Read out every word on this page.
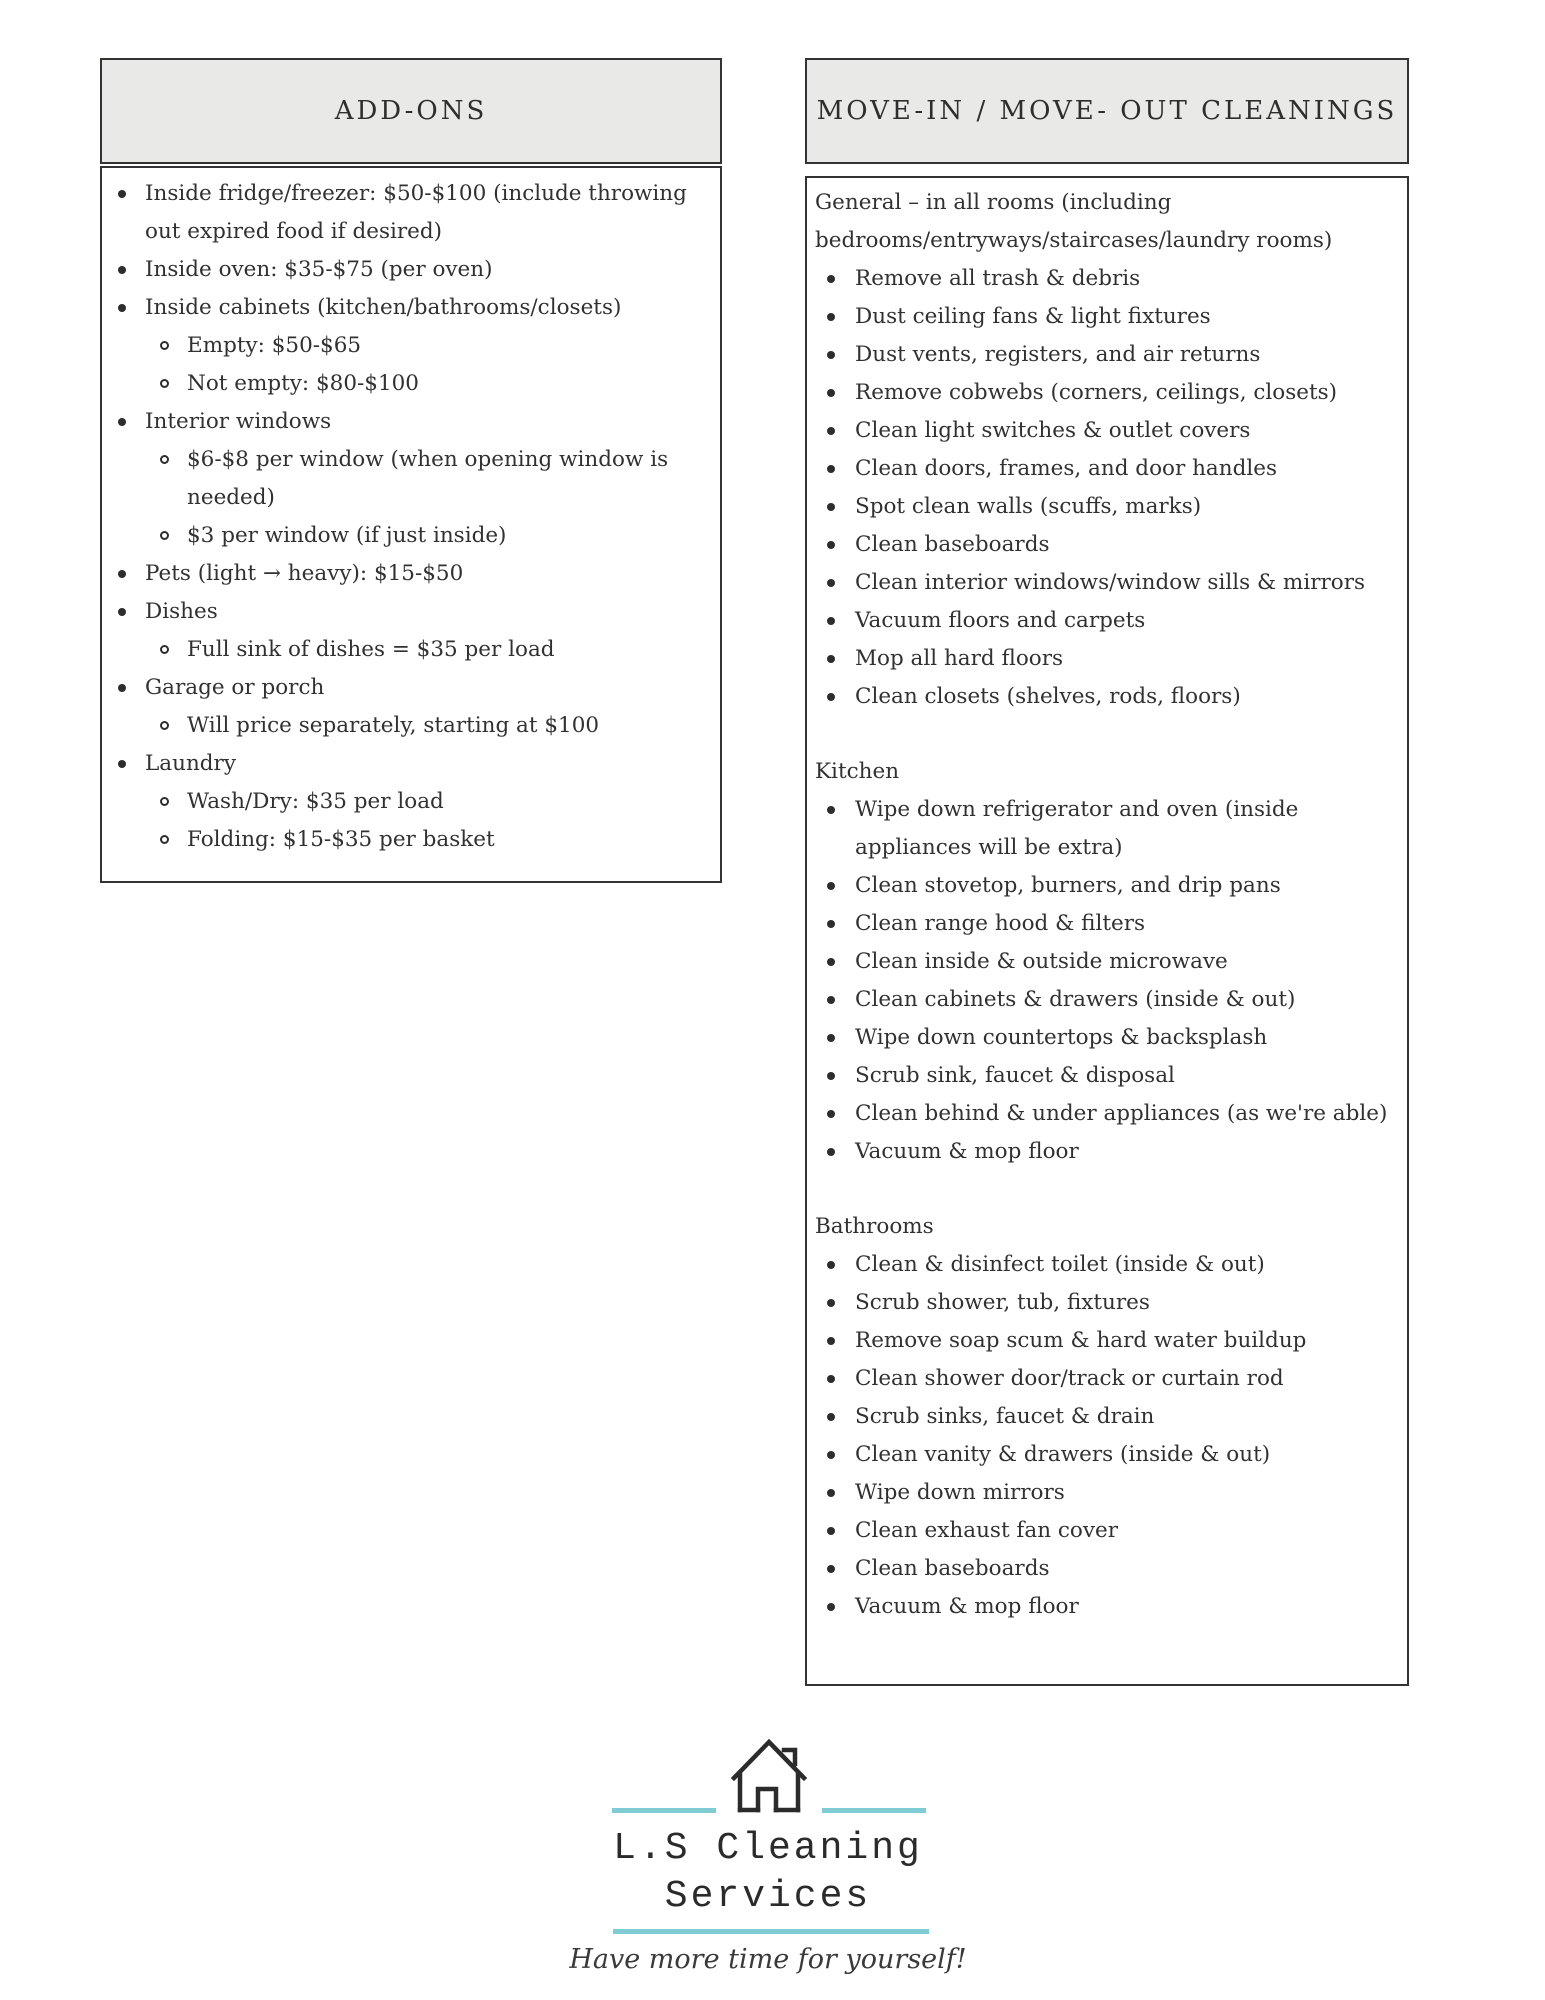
ADD-ONS
Inside fridge/freezer: $50-$100 (include throwing out expired food if desired)
Inside oven: $35-$75 (per oven)
Inside cabinets (kitchen/bathrooms/closets)
Empty: $50-$65
Not empty: $80-$100
Interior windows
$6-$8 per window (when opening window is needed)
$3 per window (if just inside)
Pets (light → heavy): $15-$50
Dishes
Full sink of dishes = $35 per load
Garage or porch
Will price separately, starting at $100
Laundry
Wash/Dry: $35 per load
Folding: $15-$35 per basket
MOVE-IN / MOVE- OUT CLEANINGS
General – in all rooms (including bedrooms/entryways/staircases/laundry rooms)
Remove all trash & debris
Dust ceiling fans & light fixtures
Dust vents, registers, and air returns
Remove cobwebs (corners, ceilings, closets)
Clean light switches & outlet covers
Clean doors, frames, and door handles
Spot clean walls (scuffs, marks)
Clean baseboards
Clean interior windows/window sills & mirrors
Vacuum floors and carpets
Mop all hard floors
Clean closets (shelves, rods, floors)
Kitchen
Wipe down refrigerator and oven (inside appliances will be extra)
Clean stovetop, burners, and drip pans
Clean range hood & filters
Clean inside & outside microwave
Clean cabinets & drawers (inside & out)
Wipe down countertops & backsplash
Scrub sink, faucet & disposal
Clean behind & under appliances (as we're able)
Vacuum & mop floor
Bathrooms
Clean & disinfect toilet (inside & out)
Scrub shower, tub, fixtures
Remove soap scum & hard water buildup
Clean shower door/track or curtain rod
Scrub sinks, faucet & drain
Clean vanity & drawers (inside & out)
Wipe down mirrors
Clean exhaust fan cover
Clean baseboards
Vacuum & mop floor
L.S Cleaning
Services
Have more time for yourself!
